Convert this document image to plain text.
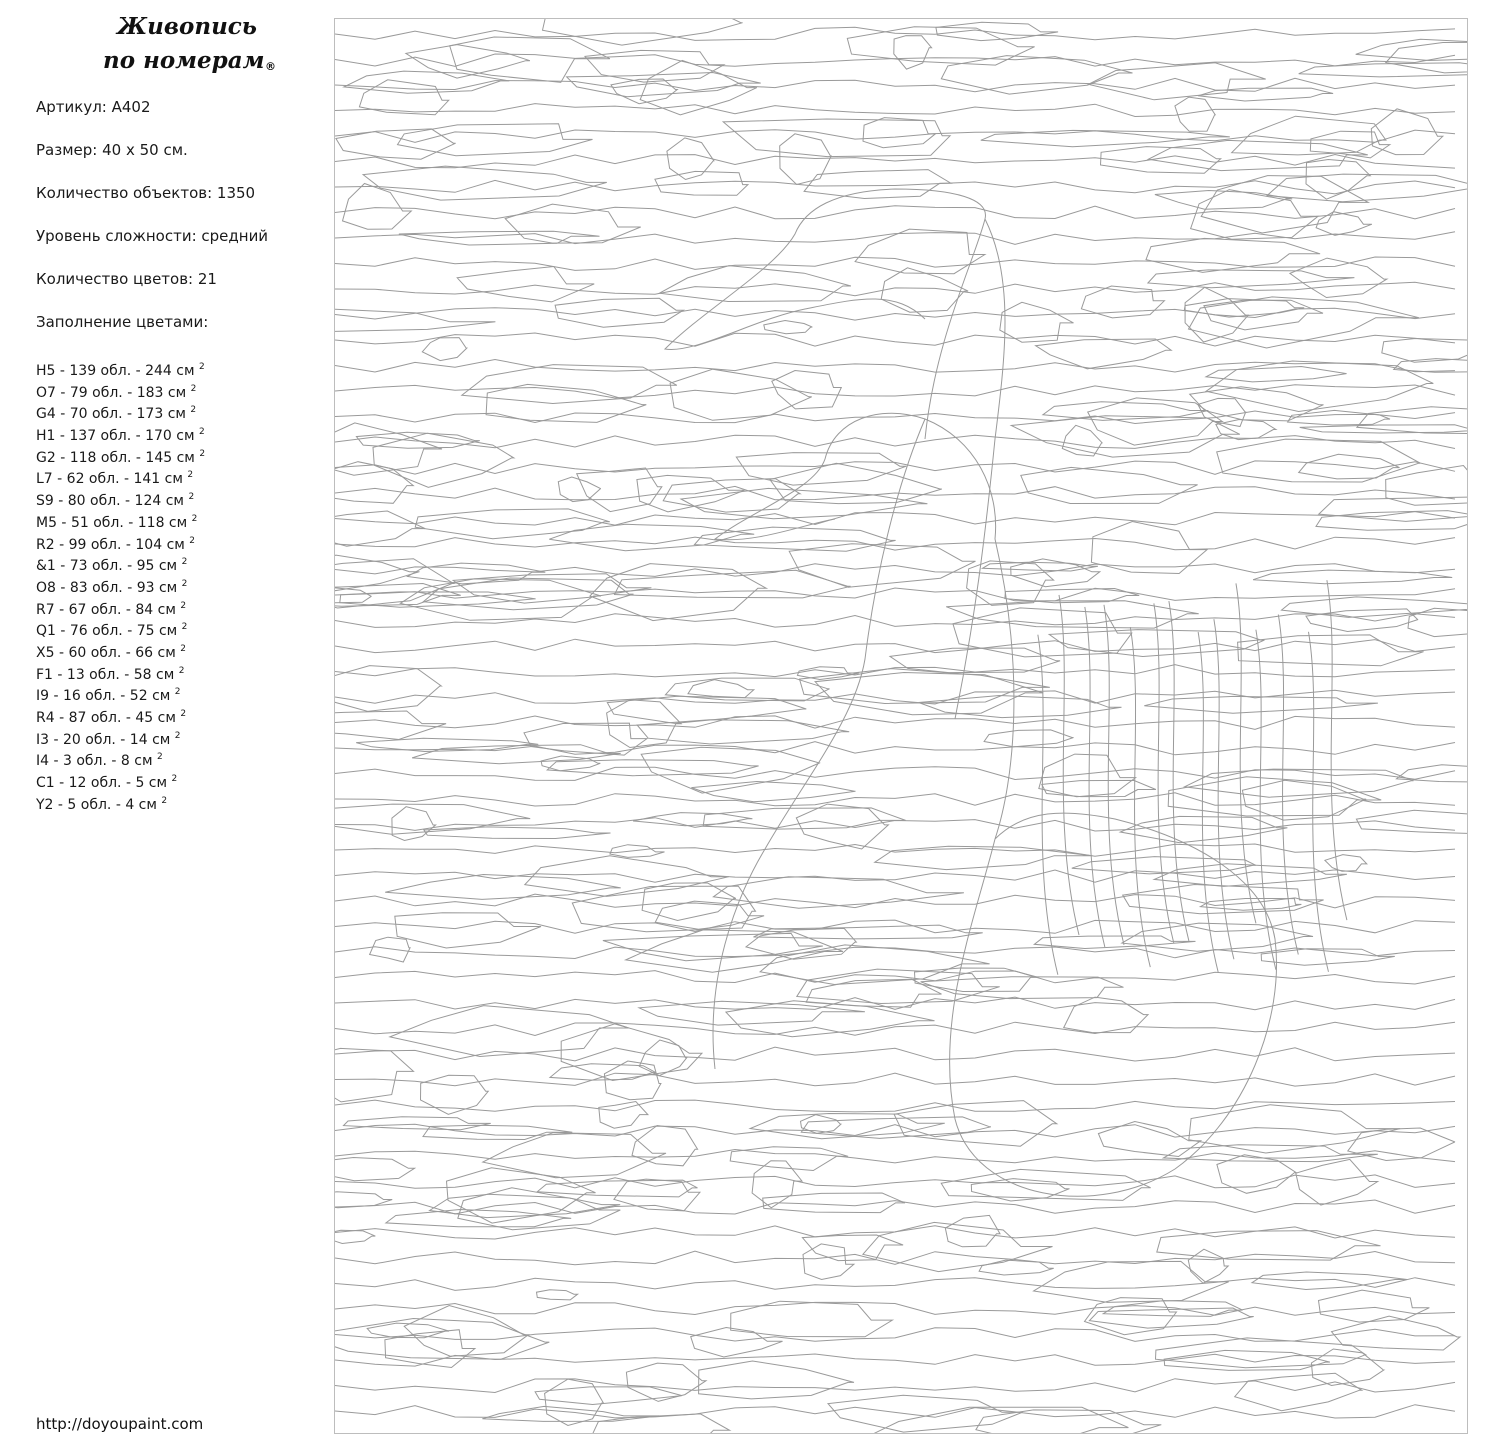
Живопись
по номерам ®

Артикул: A402

Размер: 40 х 50 см.

Количество объектов: 1350

Уровень сложности: средний

Количество цветов: 21

Заполнение цветами:

H5 - 139 обл. - 244 см $^2$
O7 - 79 обл. - 183 см $^2$
G4 - 70 обл. - 173 см $^2$
H1 - 137 обл. - 170 см $^2$
G2 - 118 обл. - 145 см $^2$
L7 - 62 обл. - 141 см $^2$
S9 - 80 обл. - 124 см $^2$
M5 - 51 обл. - 118 см $^2$
R2 - 99 обл. - 104 см $^2$
&1 - 73 обл. - 95 см $^2$
O8 - 83 обл. - 93 см $^2$
R7 - 67 обл. - 84 см $^2$
Q1 - 76 обл. - 75 см $^2$
X5 - 60 обл. - 66 см $^2$
F1 - 13 обл. - 58 см $^2$
I9 - 16 обл. - 52 см $^2$
R4 - 87 обл. - 45 см $^2$
I3 - 20 обл. - 14 см $^2$
I4 - 3 обл. - 8 см $^2$
C1 - 12 обл. - 5 см $^2$
Y2 - 5 обл. - 4 см $^2$
http://doyoupaint.com
